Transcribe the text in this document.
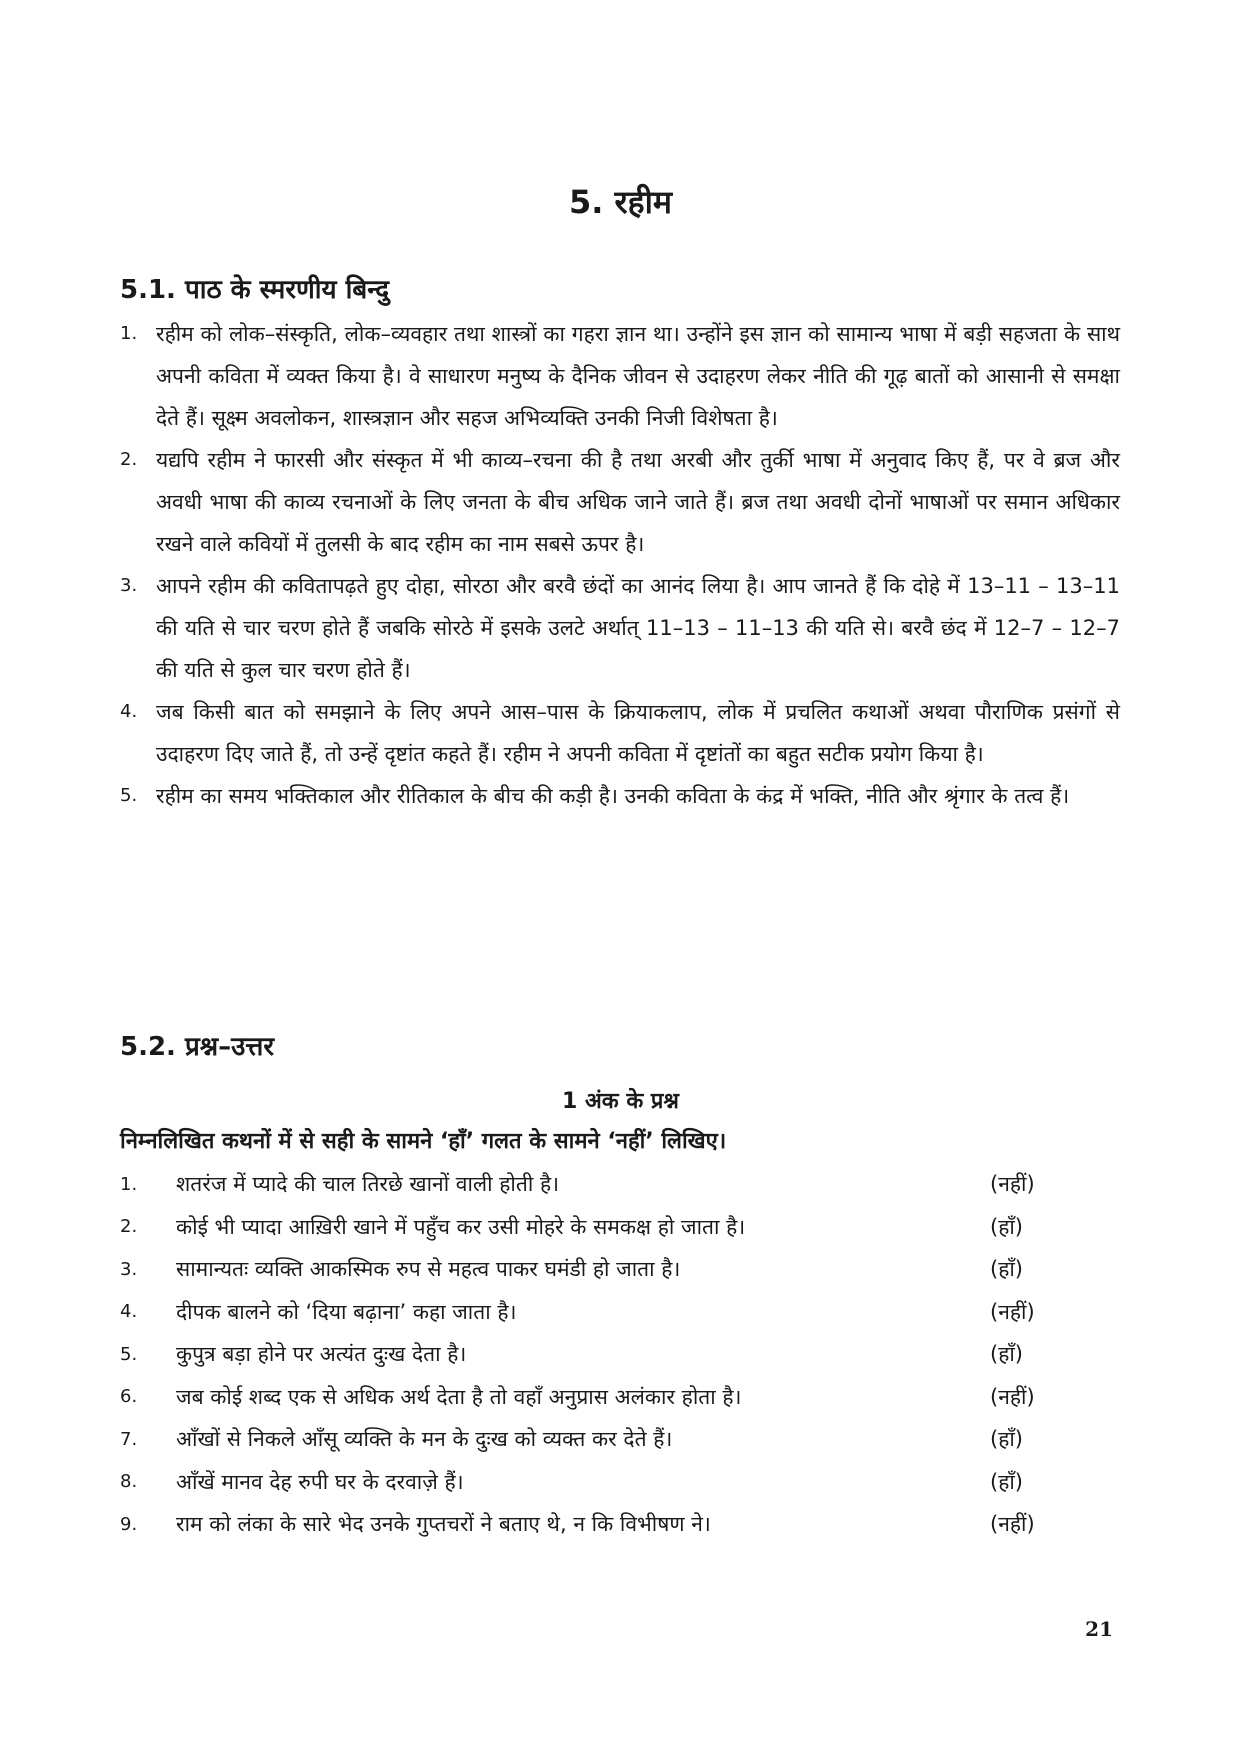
5. रहीम
5.1. पाठ के स्मरणीय बिन्दु
1. रहीम को लोक–संस्कृति, लोक–व्यवहार तथा शास्त्रों का गहरा ज्ञान था। उन्होंने इस ज्ञान को सामान्य भाषा में बड़ी सहजता के साथ अपनी कविता में व्यक्त किया है। वे साधारण मनुष्य के दैनिक जीवन से उदाहरण लेकर नीति की गूढ़ बातों को आसानी से समक्षा देते हैं। सूक्ष्म अवलोकन, शास्त्रज्ञान और सहज अभिव्यक्ति उनकी निजी विशेषता है।
2. यद्यपि रहीम ने फारसी और संस्कृत में भी काव्य–रचना की है तथा अरबी और तुर्की भाषा में अनुवाद किए हैं, पर वे ब्रज और अवधी भाषा की काव्य रचनाओं के लिए जनता के बीच अधिक जाने जाते हैं। ब्रज तथा अवधी दोनों भाषाओं पर समान अधिकार रखने वाले कवियों में तुलसी के बाद रहीम का नाम सबसे ऊपर है।
3. आपने रहीम की कवितापढ़ते हुए दोहा, सोरठा और बरवै छंदों का आनंद लिया है। आप जानते हैं कि दोहे में 13–11 – 13–11 की यति से चार चरण होते हैं जबकि सोरठे में इसके उलटे अर्थात् 11–13 – 11–13 की यति से। बरवै छंद में 12–7 – 12–7 की यति से कुल चार चरण होते हैं।
4. जब किसी बात को समझाने के लिए अपने आस–पास के क्रियाकलाप, लोक में प्रचलित कथाओं अथवा पौराणिक प्रसंगों से उदाहरण दिए जाते हैं, तो उन्हें दृष्टांत कहते हैं। रहीम ने अपनी कविता में दृष्टांतों का बहुत सटीक प्रयोग किया है।
5. रहीम का समय भक्तिकाल और रीतिकाल के बीच की कड़ी है। उनकी कविता के कंद्र में भक्ति, नीति और श्रृंगार के तत्व हैं।
5.2. प्रश्न–उत्तर
1 अंक के प्रश्न
निम्नलिखित कथनों में से सही के सामने ‘हाँ’ गलत के सामने ‘नहीं’ लिखिए।
1.	शतरंज में प्यादे की चाल तिरछे खानों वाली होती है।	(नहीं)
2.	कोई भी प्यादा आख़िरी खाने में पहुँच कर उसी मोहरे के समकक्ष हो जाता है।	(हाँ)
3.	सामान्यतः व्यक्ति आकस्मिक रुप से महत्व पाकर घमंडी हो जाता है।	(हाँ)
4.	दीपक बालने को ‘दिया बढ़ाना’ कहा जाता है।	(नहीं)
5.	कुपुत्र बड़ा होने पर अत्यंत दुःख देता है।	(हाँ)
6.	जब कोई शब्द एक से अधिक अर्थ देता है तो वहाँ अनुप्रास अलंकार होता है।	(नहीं)
7.	आँखों से निकले आँसू व्यक्ति के मन के दुःख को व्यक्त कर देते हैं।	(हाँ)
8.	आँखें मानव देह रुपी घर के दरवाज़े हैं।	(हाँ)
9.	राम को लंका के सारे भेद उनके गुप्तचरों ने बताए थे, न कि विभीषण ने।	(नहीं)
21
